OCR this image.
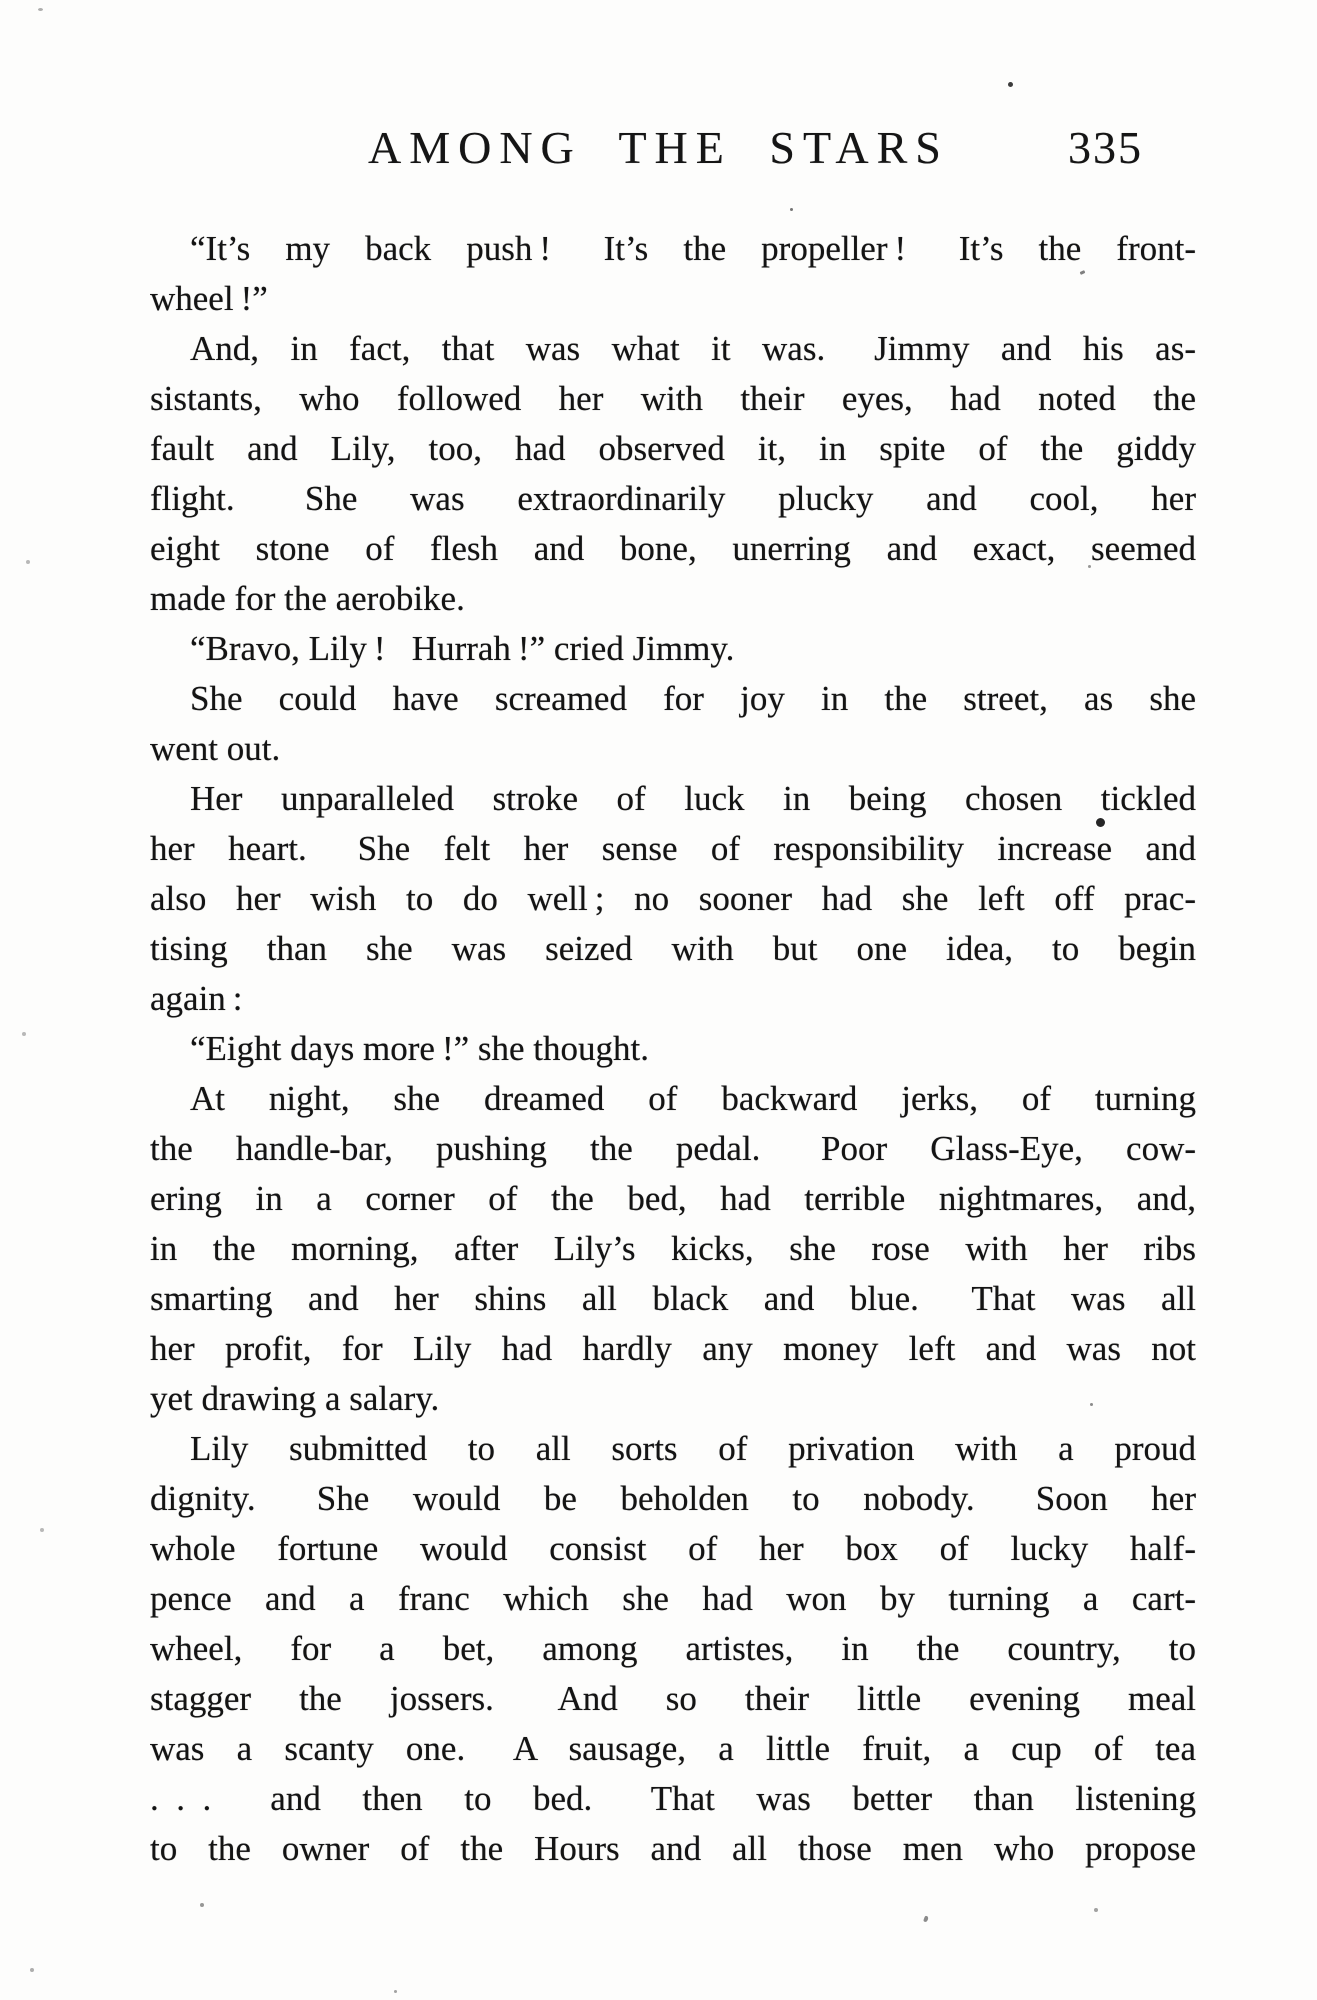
AMONG THE STARS	335
“It’s my back push !  It’s the propeller !  It’s the front-
wheel !”
And, in fact, that was what it was.  Jimmy and his as-
sistants, who followed her with their eyes, had noted the
fault and Lily, too, had observed it, in spite of the giddy
flight.  She was extraordinarily plucky and cool, her
eight stone of flesh and bone, unerring and exact, seemed
made for the aerobike.
“Bravo, Lily !  Hurrah !” cried Jimmy.
She could have screamed for joy in the street, as she
went out.
Her unparalleled stroke of luck in being chosen tickled
her heart.  She felt her sense of responsibility increase and
also her wish to do well ; no sooner had she left off prac-
tising than she was seized with but one idea, to begin
again :
“Eight days more !” she thought.
At night, she dreamed of backward jerks, of turning
the handle-bar, pushing the pedal.  Poor Glass-Eye, cow-
ering in a corner of the bed, had terrible nightmares, and,
in the morning, after Lily’s kicks, she rose with her ribs
smarting and her shins all black and blue.  That was all
her profit, for Lily had hardly any money left and was not
yet drawing a salary.
Lily submitted to all sorts of privation with a proud
dignity.  She would be beholden to nobody.  Soon her
whole fortune would consist of her box of lucky half-
pence and a franc which she had won by turning a cart-
wheel, for a bet, among artistes, in the country, to
stagger the jossers.  And so their little evening meal
was a scanty one.  A sausage, a little fruit, a cup of tea
. . .  and then to bed.  That was better than listening
to the owner of the Hours and all those men who propose
